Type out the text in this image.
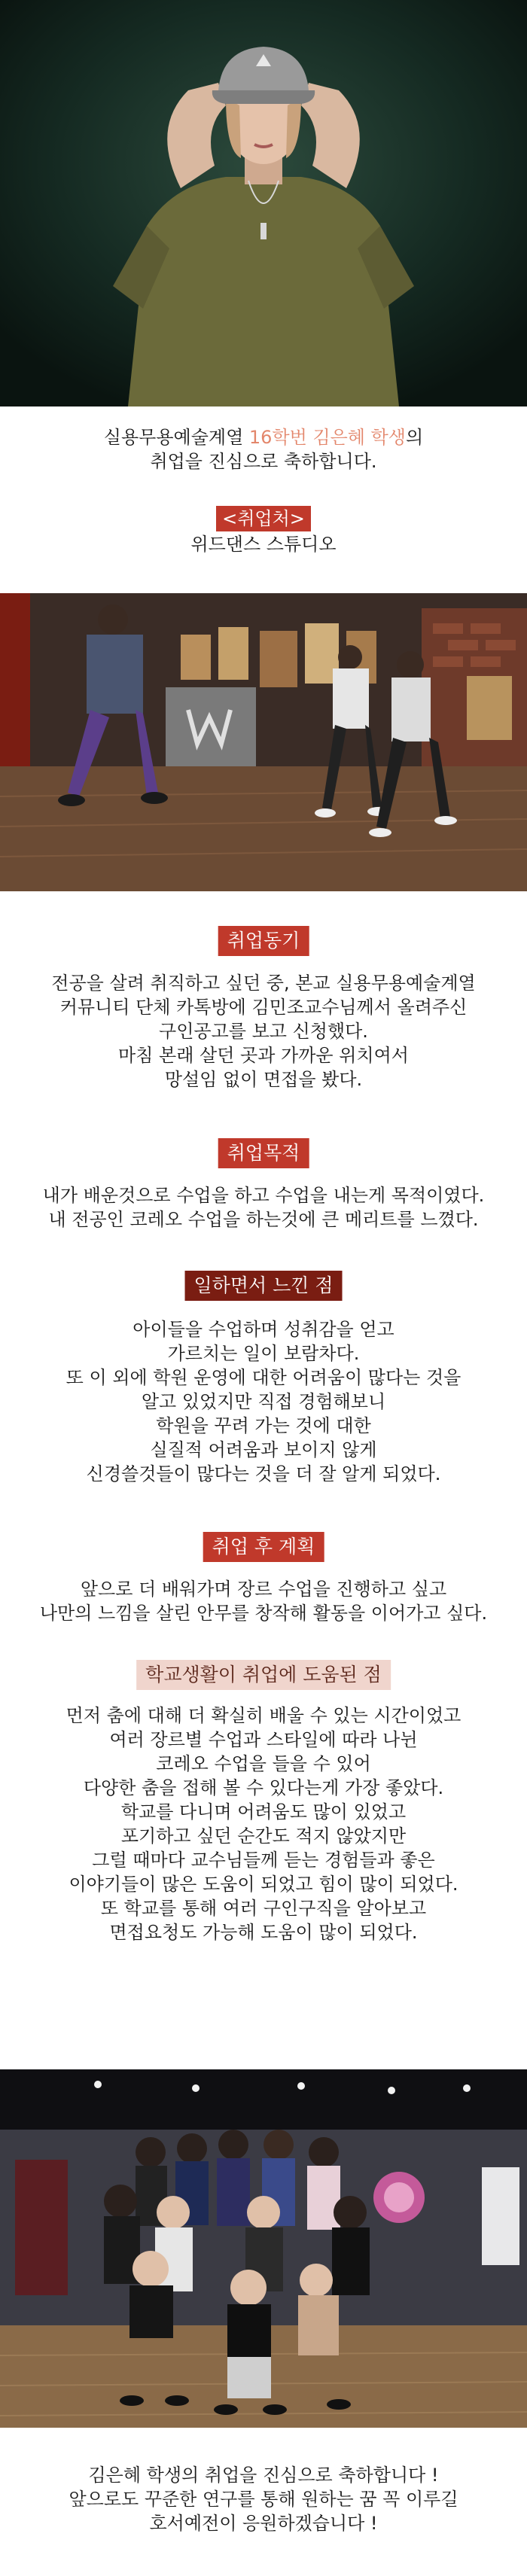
실용무용예술계열 16학번 김은혜 학생의
취업을 진심으로 축하합니다.

<취업처>

위드댄스 스튜디오

취업동기

전공을 살려 취직하고 싶던 중, 본교 실용무용예술계열
커뮤니티 단체 카톡방에 김민조교수님께서 올려주신
구인공고를 보고 신청했다.
마침 본래 살던 곳과 가까운 위치여서
망설임 없이 면접을 봤다.

취업목적

내가 배운것으로 수업을 하고 수업을 내는게 목적이였다.
내 전공인 코레오 수업을 하는것에 큰 메리트를 느꼈다.

일하면서 느낀 점

아이들을 수업하며 성취감을 얻고
가르치는 일이 보람차다.
또 이 외에 학원 운영에 대한 어려움이 많다는 것을
알고 있었지만 직접 경험해보니
학원을 꾸려 가는 것에 대한
실질적 어려움과 보이지 않게
신경쓸것들이 많다는 것을 더 잘 알게 되었다.

취업 후 계획

앞으로 더 배워가며 장르 수업을 진행하고 싶고
나만의 느낌을 살린 안무를 창작해 활동을 이어가고 싶다.

학교생활이 취업에 도움된 점

먼저 춤에 대해 더 확실히 배울 수 있는 시간이었고
여러 장르별 수업과 스타일에 따라 나뉜
코레오 수업을 들을 수 있어
다양한 춤을 접해 볼 수 있다는게 가장 좋았다.
학교를 다니며 어려움도 많이 있었고
포기하고 싶던 순간도 적지 않았지만
그럴 때마다 교수님들께 듣는 경험들과 좋은
이야기들이 많은 도움이 되었고 힘이 많이 되었다.
또 학교를 통해 여러 구인구직을 알아보고
면접요청도 가능해 도움이 많이 되었다.

김은혜 학생의 취업을 진심으로 축하합니다 !
앞으로도 꾸준한 연구를 통해 원하는 꿈 꼭 이루길
호서예전이 응원하겠습니다 !
